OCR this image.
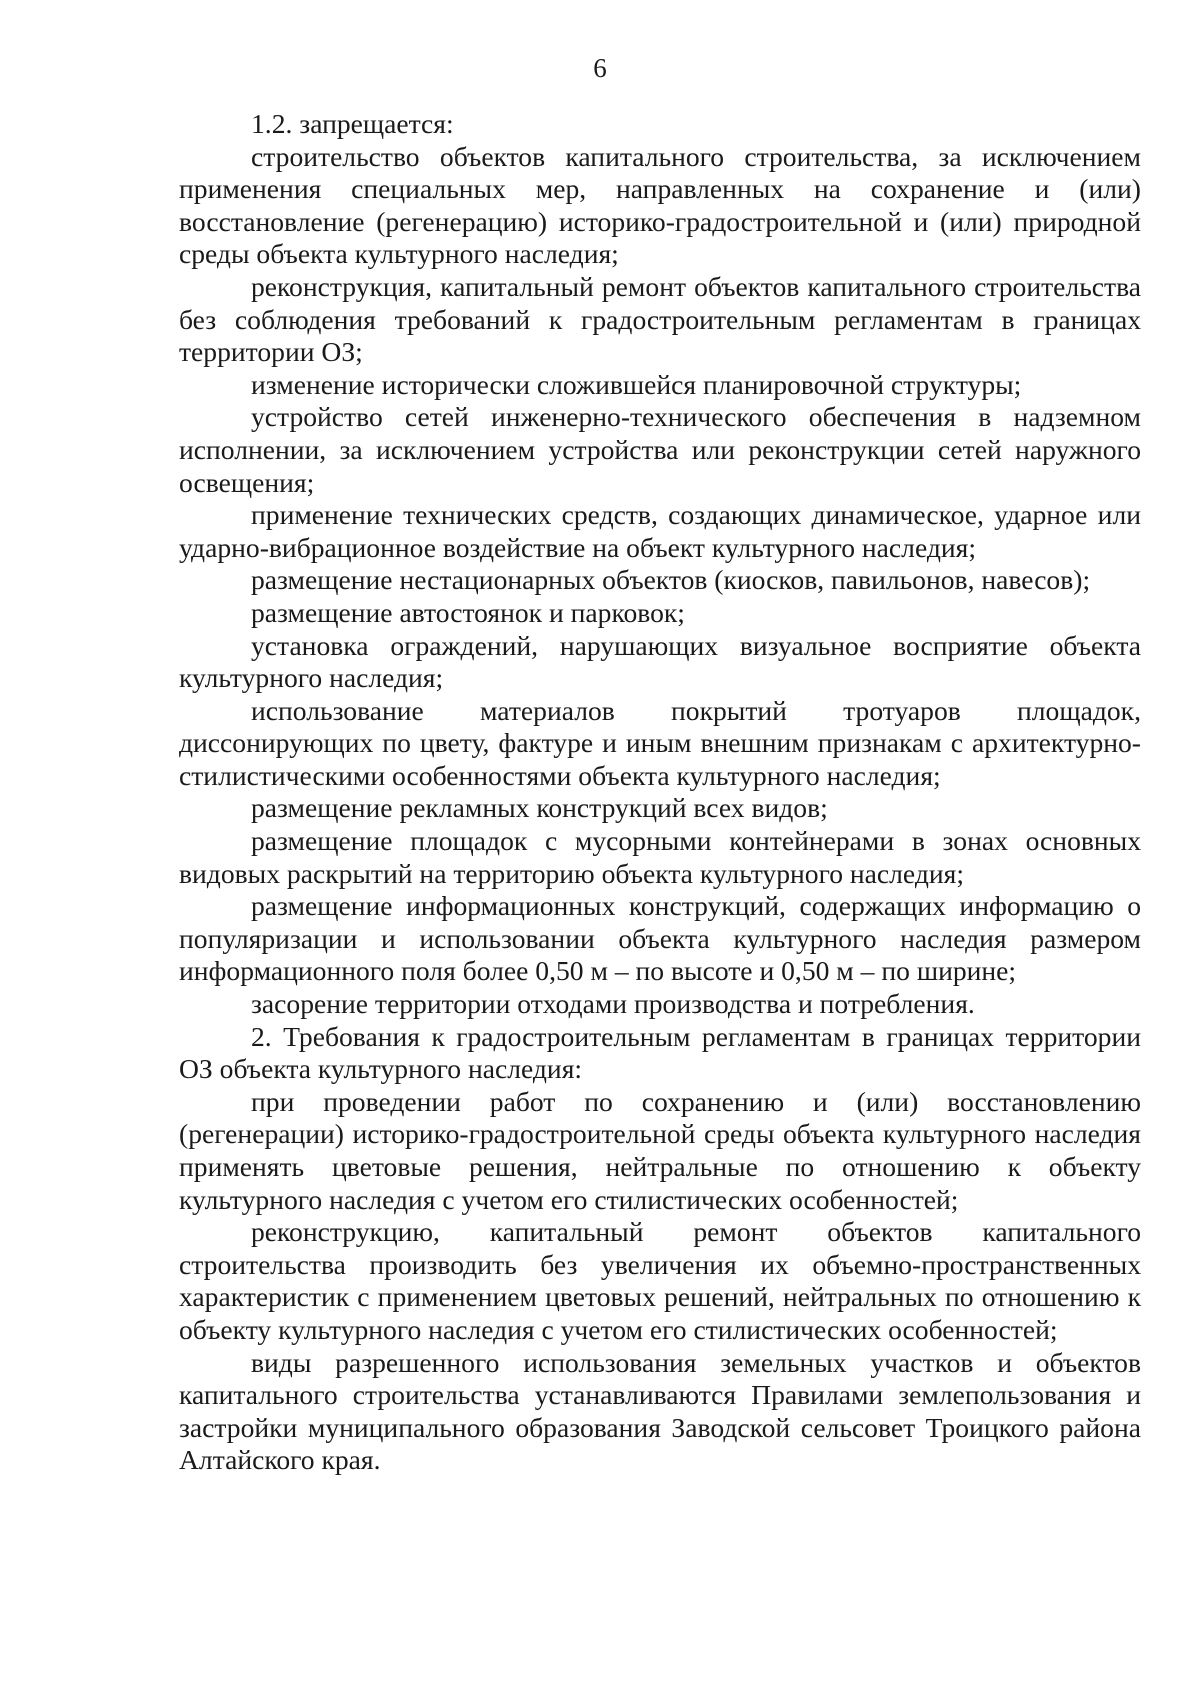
6

1.2. запрещается:

строительство объектов капитального строительства, за исключением применения специальных мер, направленных на сохранение и (или) восстановление (регенерацию) историко-градостроительной и (или) природной среды объекта культурного наследия;

реконструкция, капитальный ремонт объектов капитального строительства без соблюдения требований к градостроительным регламентам в границах территории ОЗ;

изменение исторически сложившейся планировочной структуры;

устройство сетей инженерно-технического обеспечения в надземном исполнении, за исключением устройства или реконструкции сетей наружного освещения;

применение технических средств, создающих динамическое, ударное или ударно-вибрационное воздействие на объект культурного наследия;

размещение нестационарных объектов (киосков, павильонов, навесов);

размещение автостоянок и парковок;

установка ограждений, нарушающих визуальное восприятие объекта культурного наследия;

использование материалов покрытий тротуаров площадок, диссонирующих по цвету, фактуре и иным внешним признакам с архитектурно-стилистическими особенностями объекта культурного наследия;

размещение рекламных конструкций всех видов;

размещение площадок с мусорными контейнерами в зонах основных видовых раскрытий на территорию объекта культурного наследия;

размещение информационных конструкций, содержащих информацию о популяризации и использовании объекта культурного наследия размером информационного поля более 0,50 м – по высоте и 0,50 м – по ширине;

засорение территории отходами производства и потребления.

2. Требования к градостроительным регламентам в границах территории ОЗ объекта культурного наследия:

при проведении работ по сохранению и (или) восстановлению (регенерации) историко-градостроительной среды объекта культурного наследия применять цветовые решения, нейтральные по отношению к объекту культурного наследия с учетом его стилистических особенностей;

реконструкцию, капитальный ремонт объектов капитального строительства производить без увеличения их объемно-пространственных характеристик с применением цветовых решений, нейтральных по отношению к объекту культурного наследия с учетом его стилистических особенностей;

виды разрешенного использования земельных участков и объектов капитального строительства устанавливаются Правилами землепользования и застройки муниципального образования Заводской сельсовет Троицкого района Алтайского края.
